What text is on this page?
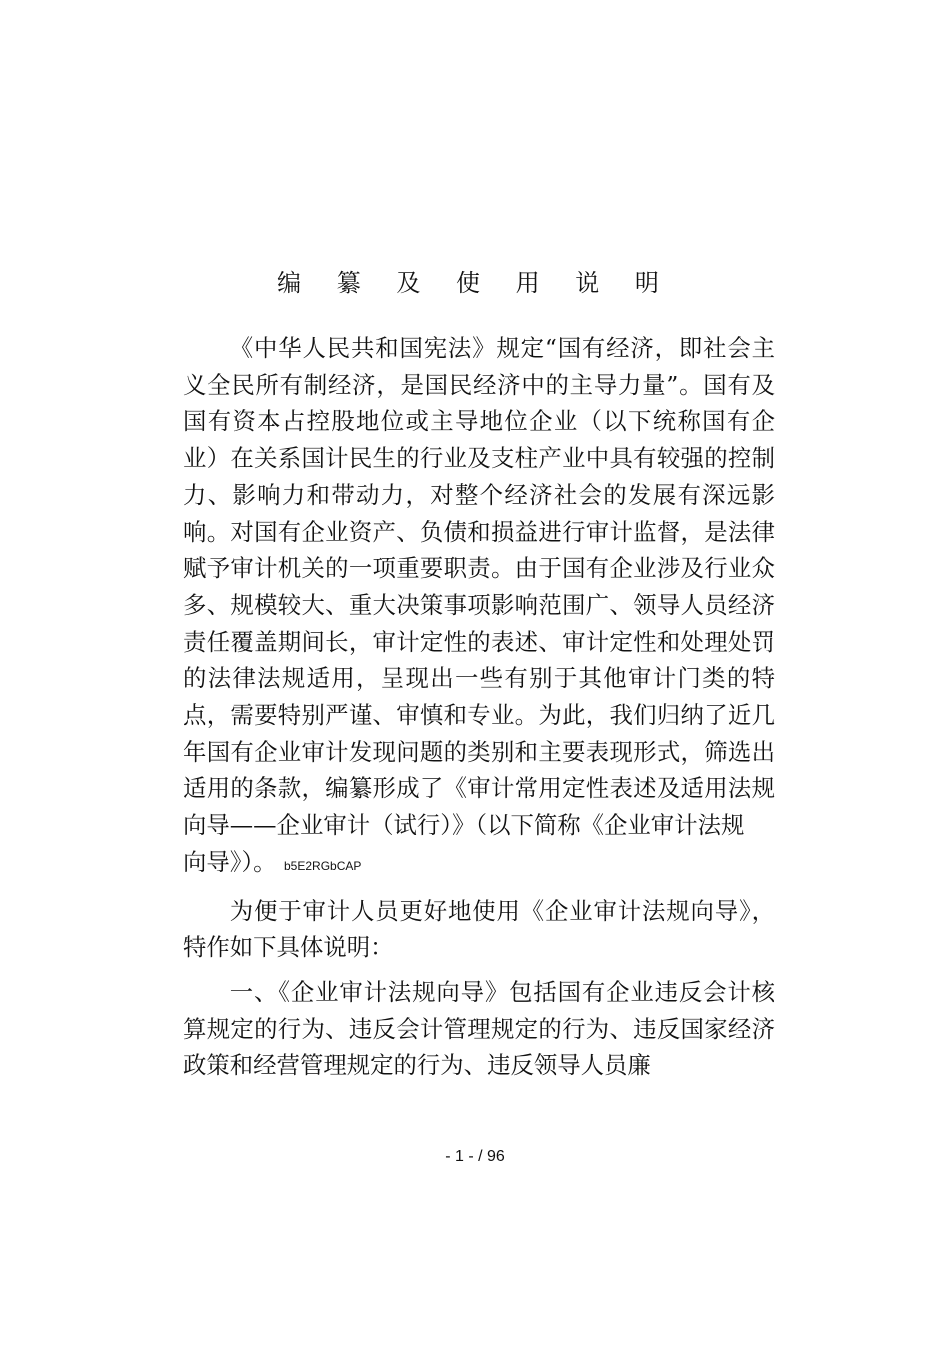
编 纂 及 使 用 说 明

《中华人民共和国宪法》规定“国有经济，即社会主义全民所有制经济，是国民经济中的主导力量”。国有及国有资本占控股地位或主导地位企业（以下统称国有企业）在关系国计民生的行业及支柱产业中具有较强的控制力、影响力和带动力，对整个经济社会的发展有深远影响。对国有企业资产、负债和损益进行审计监督，是法律赋予审计机关的一项重要职责。由于国有企业涉及行业众多、规模较大、重大决策事项影响范围广、领导人员经济责任覆盖期间长，审计定性的表述、审计定性和处理处罚的法律法规适用，呈现出一些有别于其他审计门类的特点，需要特别严谨、审慎和专业。为此，我们归纳了近几年国有企业审计发现问题的类别和主要表现形式，筛选出适用的条款，编纂形成了《审计常用定性表述及适用法规向导——企业审计（试行）》（以下简称《企业审计法规

向导》）。 b5E2RGbCAP

为便于审计人员更好地使用《企业审计法规向导》，特作如下具体说明：

一、《企业审计法规向导》包括国有企业违反会计核算规定的行为、违反会计管理规定的行为、违反国家经济政策和经营管理规定的行为、违反领导人员廉

- 1 - / 96
